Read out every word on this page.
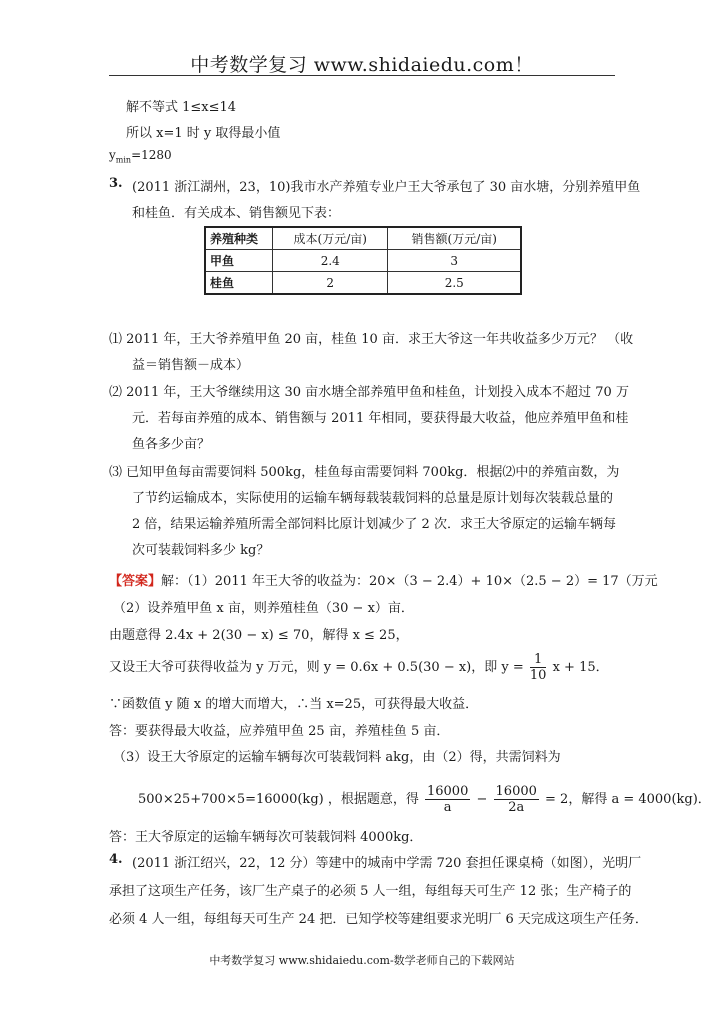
中考数学复习 www.shidaiedu.com！
解不等式 1≤x≤14
所以 x=1 时 y 取得最小值
$y_{min}=1280$
3. (2011 浙江湖州，23，10)我市水产养殖专业户王大爷承包了 30 亩水塘，分别养殖甲鱼
和桂鱼．有关成本、销售额见下表：
养殖种类	成本(万元/亩)	销售额(万元/亩)
甲鱼	2.4	3
桂鱼	2	2.5
⑴ 2011 年，王大爷养殖甲鱼 20 亩，桂鱼 10 亩．求王大爷这一年共收益多少万元？ （收
益＝销售额－成本）
⑵ 2011 年，王大爷继续用这 30 亩水塘全部养殖甲鱼和桂鱼，计划投入成本不超过 70 万
元．若每亩养殖的成本、销售额与 2011 年相同，要获得最大收益，他应养殖甲鱼和桂
鱼各多少亩？
⑶ 已知甲鱼每亩需要饲料 500kg，桂鱼每亩需要饲料 700kg．根据⑵中的养殖亩数，为
了节约运输成本，实际使用的运输车辆每载装载饲料的总量是原计划每次装载总量的
2 倍，结果运输养殖所需全部饲料比原计划减少了 2 次．求王大爷原定的运输车辆每
次可装载饲料多少 kg？
【答案】解：（1）2011 年王大爷的收益为：20×（3 − 2.4）+ 10×（2.5 − 2）= 17（万元
（2）设养殖甲鱼 x 亩，则养殖桂鱼（30 − x）亩．
由题意得 2.4x + 2(30 − x) ≤ 70，解得 x ≤ 25，
又设王大爷可获得收益为 y 万元，则 y = 0.6x + 0.5(30 − x)，即 $y = \frac{1}{10}$ x + 15．
∵函数值 y 随 x 的增大而增大，∴当 x=25，可获得最大收益．
答：要获得最大收益，应养殖甲鱼 25 亩，养殖桂鱼 5 亩．
（3）设王大爷原定的运输车辆每次可装载饲料 akg，由（2）得，共需饲料为
500×25+700×5=16000(kg) ，根据题意，得 $\frac{16000}{a} - \frac{16000}{2a} = 2$，解得 a = 4000(kg)．
答：王大爷原定的运输车辆每次可装载饲料 4000kg．
4. (2011 浙江绍兴，22，12 分）等建中的城南中学需 720 套担任课桌椅（如图），光明厂
承担了这项生产任务，该厂生产桌子的必须 5 人一组，每组每天可生产 12 张；生产椅子的
必须 4 人一组，每组每天可生产 24 把．已知学校等建组要求光明厂 6 天完成这项生产任务．
中考数学复习 www.shidaiedu.com-数学老师自己的下载网站
